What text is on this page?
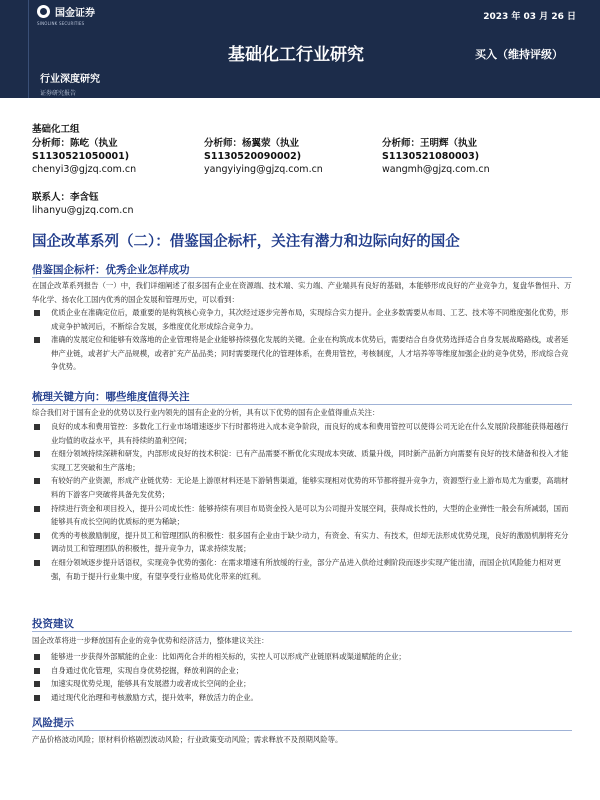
国金证券
SINOLINK SECURITIES
2023 年 03 月 26 日
基础化工行业研究	买入（维持评级）
行业深度研究
证券研究报告
基础化工组
分析师：陈屹（执业
S1130521050001)
chenyi3@gjzq.com.cn
分析师：杨翼荥（执业
S1130520090002)
yangyiying@gjzq.com.cn
分析师：王明辉（执业
S1130521080003)
wangmh@gjzq.com.cn
联系人：李含钰
lihanyu@gjzq.com.cn
国企改革系列（二）：借鉴国企标杆，关注有潜力和边际向好的国企
借鉴国企标杆：优秀企业怎样成功
在国企改革系列报告（一）中，我们详细阐述了很多国有企业在资源端、技术端、实力端、产业端具有良好的基础，本能够形成良好的产业竞争力，复盘华鲁恒升、万华化学、扬农化工国内优秀的国企发展和管理历史，可以看到：
优质企业在准确定位后，最重要的是构筑核心竞争力，其次经过逐步完善布局，实现综合实力提升。企业多数需要从布局、工艺、技术等不同维度强化优势，形成竞争护城河后，不断综合发展，多维度优化形成综合竞争力。
准确的发展定位和能够有效落地的企业管理将是企业能够持续强化发展的关键。企业在构筑成本优势后，需要结合自身优势选择适合自身发展战略路线，或者延伸产业链，或者扩大产品规模，或者扩充产品品类；同时需要现代化的管理体系，在费用管控，考核制度，人才培养等等维度加强企业的竞争优势，形成综合竞争优势。
梳理关键方向：哪些维度值得关注
综合我们对于国有企业的优势以及行业内领先的国有企业的分析，具有以下优势的国有企业值得重点关注：
良好的成本和费用管控：多数化工行业市场增速逐步下行时都将进入成本竞争阶段，而良好的成本和费用管控可以使得公司无论在什么发展阶段都能获得超越行业均值的收益水平，具有持续的盈利空间；
在细分领域持续深耕和研发，内部形成良好的技术积淀：已有产品需要不断优化实现成本突破、质量升级，同时新产品新方向需要有良好的技术储备和投入才能实现工艺突破和生产落地；
有较好的产业资源，形成产业链优势：无论是上游原材料还是下游销售渠道，能够实现相对优势的环节都将提升竞争力，资源型行业上游布局尤为重要，高端材料的下游客户突破将具备先发优势；
持续进行资金和项目投入，提升公司成长性：能够持续有项目布局资金投入是可以为公司提升发展空间，获得成长性的，大型的企业弹性一般会有所减弱，国而能够具有成长空间的优质标的更为稀缺；
优秀的考核激励制度，提升员工和管理团队的积极性：很多国有企业由于缺少动力，有资金、有实力、有技术，但却无法形成优势兑现，良好的激励机制将充分调动员工和管理团队的积极性，提升竞争力，谋求持续发展；
在细分领域逐步提升话语权，实现竞争优势的强化：在需求增速有所放缓的行业，部分产品进入供给过剩阶段而逐步实现产能出清，而国企抗风险能力相对更强，有助于提升行业集中度，有望享受行业格局优化带来的红利。
投资建议
国企改革将进一步释放国有企业的竞争优势和经济活力，整体建议关注：
能够进一步获得外部赋能的企业：比如两化合并的相关标的，实控人可以形成产业链原料或渠道赋能的企业；
自身通过优化管理，实现自身优势挖掘，释放利润的企业；
加速实现优势兑现，能够具有发展潜力或者成长空间的企业；
通过现代化治理和考核激励方式，提升效率，释放活力的企业。
风险提示
产品价格波动风险；原材料价格剧烈波动风险；行业政策变动风险；需求释放不及预期风险等。
